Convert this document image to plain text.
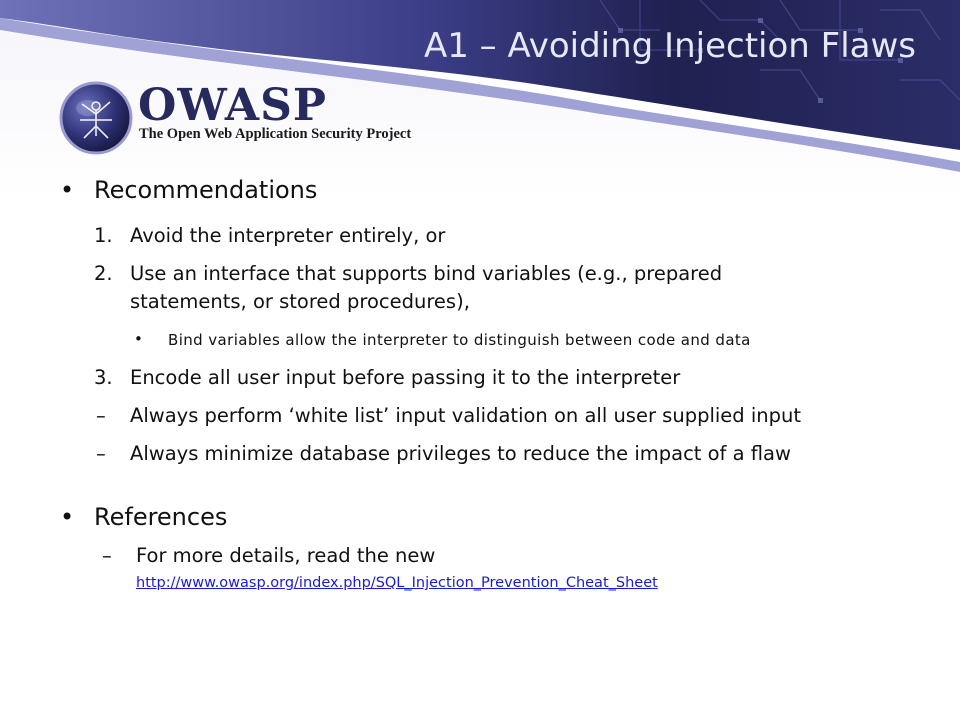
A1 – Avoiding Injection Flaws
OWASP
The Open Web Application Security Project
• Recommendations
1. Avoid the interpreter entirely, or
2. Use an interface that supports bind variables (e.g., prepared
statements, or stored procedures),
• Bind variables allow the interpreter to distinguish between code and data
3. Encode all user input before passing it to the interpreter
– Always perform ‘white list’ input validation on all user supplied input
– Always minimize database privileges to reduce the impact of a flaw
• References
– For more details, read the new
http://www.owasp.org/index.php/SQL_Injection_Prevention_Cheat_Sheet
